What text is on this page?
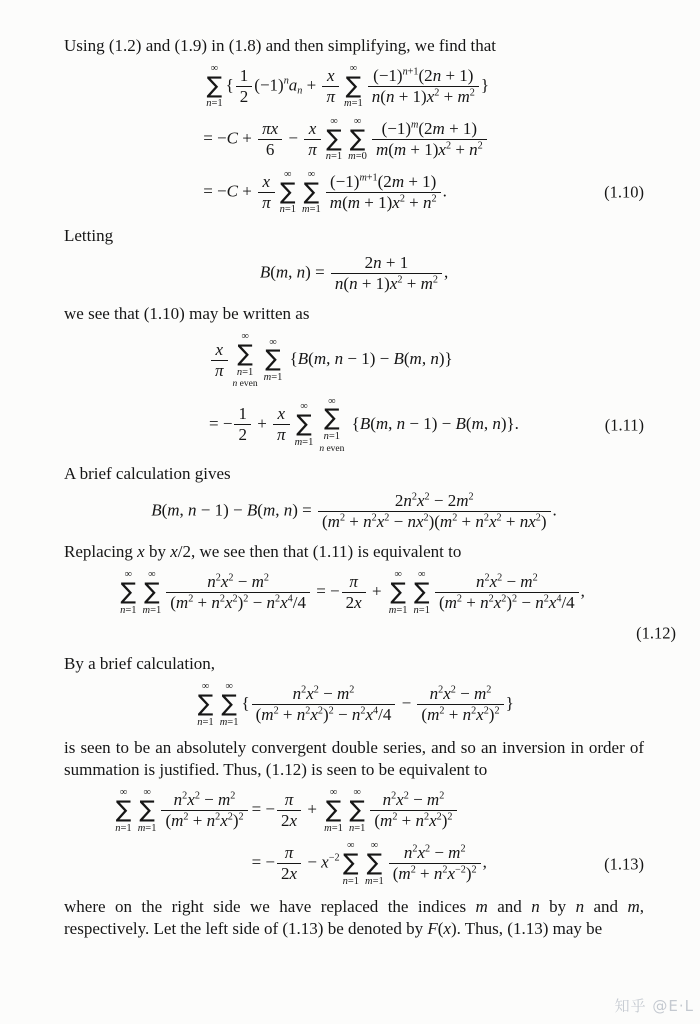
Using (1.2) and (1.9) in (1.8) and then simplifying, we find that

∞
∑
n=1
{ $\frac{1}{2} (-1)^na_n + \frac{x}{\pi}$ ∞
∑
$m=1 \frac{(-1)^{n+1}(2n + 1)}{n(n + 1)x^2 + m^2}$ }
= $-C + \frac{\pi x}{6} - \frac{x}{\pi}$ ∞
∑
n=1
∞
∑
$m=0 \frac{(-1)^m(2m + 1)}{m(m + 1)x^2 + n^2}$
= $-C + \frac{x}{\pi}$ ∞
∑
n=1
∞
∑
$m=1 \frac{(-1)^{m+1}(2m + 1)}{m(m + 1)x^2 + n^2}$ .	(1.10)

Letting

B(m, $n) = \frac{2n + 1}{n(n + 1)x^2 + m^2}$ ,

we see that (1.10) may be written as

$\frac{x}{\pi}$
∞
∑
n=1
n even
∞
∑
m=1
{B(m, n − 1) − B(m, n)}
= − $\frac{1}{2} + \frac{x}{\pi}$ ∞
∑
m=1
∞
∑
n=1
n even
{B(m, n − 1) − B(m, n)}.	(1.11)

A brief calculation gives

B(m, n − 1) − B(m, $n) = \frac{2n^2x^2 - 2m^2}{(m^2 + n^2x^2 - nx^2)(m^2 + n^2x^2 + nx^2)}$ .

Replacing x by x/2, we see then that (1.11) is equivalent to

∞
∑
n=1
∞
∑
$m=1 \frac{n^2x^2 - m^2}{(m^2 + n^2x^2)^2 - n^2x^4/4}$ = − $\frac{\pi}{2x}$ +
∞
∑
m=1
∞
∑
$n=1 \frac{n^2x^2 - m^2}{(m^2 + n^2x^2)^2 - n^2x^4/4}$ ,
(1.12)

By a brief calculation,

∞
∑
n=1
∞
∑
m=1
{ $\frac{n^2x^2 - m^2}{(m^2 + n^2x^2)^2 - n^2x^4/4} - \frac{n^2x^2 - m^2}{(m^2 + n^2x^2)^2}$ }

is seen to be an absolutely convergent double series, and so an inversion in order of summation is justified. Thus, (1.12) is seen to be equivalent to

∞
∑
n=1
∞
∑
$m=1 \frac{n^2x^2 - m^2}{(m^2 + n^2x^2)^2}$ = − $\frac{\pi}{2x}$ +
∞
∑
m=1
∞
∑
$n=1 \frac{n^2x^2 - m^2}{(m^2 + n^2x^2)^2}$
= − $\frac{\pi}{2x} - x^{-2}$
∞
∑
n=1
∞
∑
$m=1 \frac{n^2x^2 - m^2}{(m^2 + n^2x^{-2})^2}$ ,	(1.13)

where on the right side we have replaced the indices m and n by n and m, respectively. Let the left side of (1.13) be denoted by F(x). Thus, (1.13) may be

知乎 @E·L
